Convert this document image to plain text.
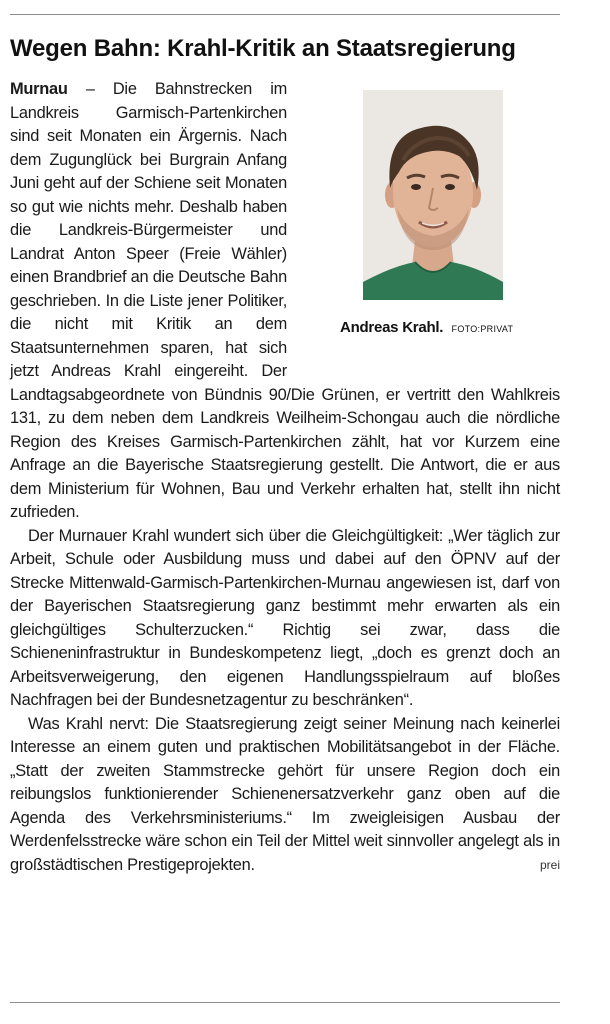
Wegen Bahn: Krahl-Kritik an Staatsregierung
Andreas Krahl. FOTO:PRIVAT

Murnau – Die Bahnstrecken im Landkreis Garmisch-Partenkirchen sind seit Monaten ein Ärgernis. Nach dem Zugunglück bei Burgrain Anfang Juni geht auf der Schiene seit Monaten so gut wie nichts mehr. Deshalb haben die Landkreis-Bürgermeister und Landrat Anton Speer (Freie Wähler) einen Brandbrief an die Deutsche Bahn geschrieben. In die Liste jener Politiker, die nicht mit Kritik an dem Staatsunternehmen sparen, hat sich jetzt Andreas Krahl eingereiht. Der Landtagsabgeordnete von Bündnis 90/Die Grünen, er vertritt den Wahlkreis 131, zu dem neben dem Landkreis Weilheim-Schongau auch die nördliche Region des Kreises Garmisch-Partenkirchen zählt, hat vor Kurzem eine Anfrage an die Bayerische Staatsregierung gestellt. Die Antwort, die er aus dem Ministerium für Wohnen, Bau und Verkehr erhalten hat, stellt ihn nicht zufrieden.

Der Murnauer Krahl wundert sich über die Gleichgültigkeit: „Wer täglich zur Arbeit, Schule oder Ausbildung muss und dabei auf den ÖPNV auf der Strecke Mittenwald-Garmisch-Partenkirchen-Murnau angewiesen ist, darf von der Bayerischen Staatsregierung ganz bestimmt mehr erwarten als ein gleichgültiges Schulterzucken.“ Richtig sei zwar, dass die Schieneninfrastruktur in Bundeskompetenz liegt, „doch es grenzt doch an Arbeitsverweigerung, den eigenen Handlungsspielraum auf bloßes Nachfragen bei der Bundesnetzagentur zu beschränken“.

Was Krahl nervt: Die Staatsregierung zeigt seiner Meinung nach keinerlei Interesse an einem guten und praktischen Mobilitätsangebot in der Fläche. „Statt der zweiten Stammstrecke gehört für unsere Region doch ein reibungslos funktionierender Schienenersatzverkehr ganz oben auf die Agenda des Verkehrsministeriums.“ Im zweigleisigen Ausbau der Werdenfelsstrecke wäre schon ein Teil der Mittel weit sinnvoller angelegt als in großstädtischen Prestigeprojekten.	prei
